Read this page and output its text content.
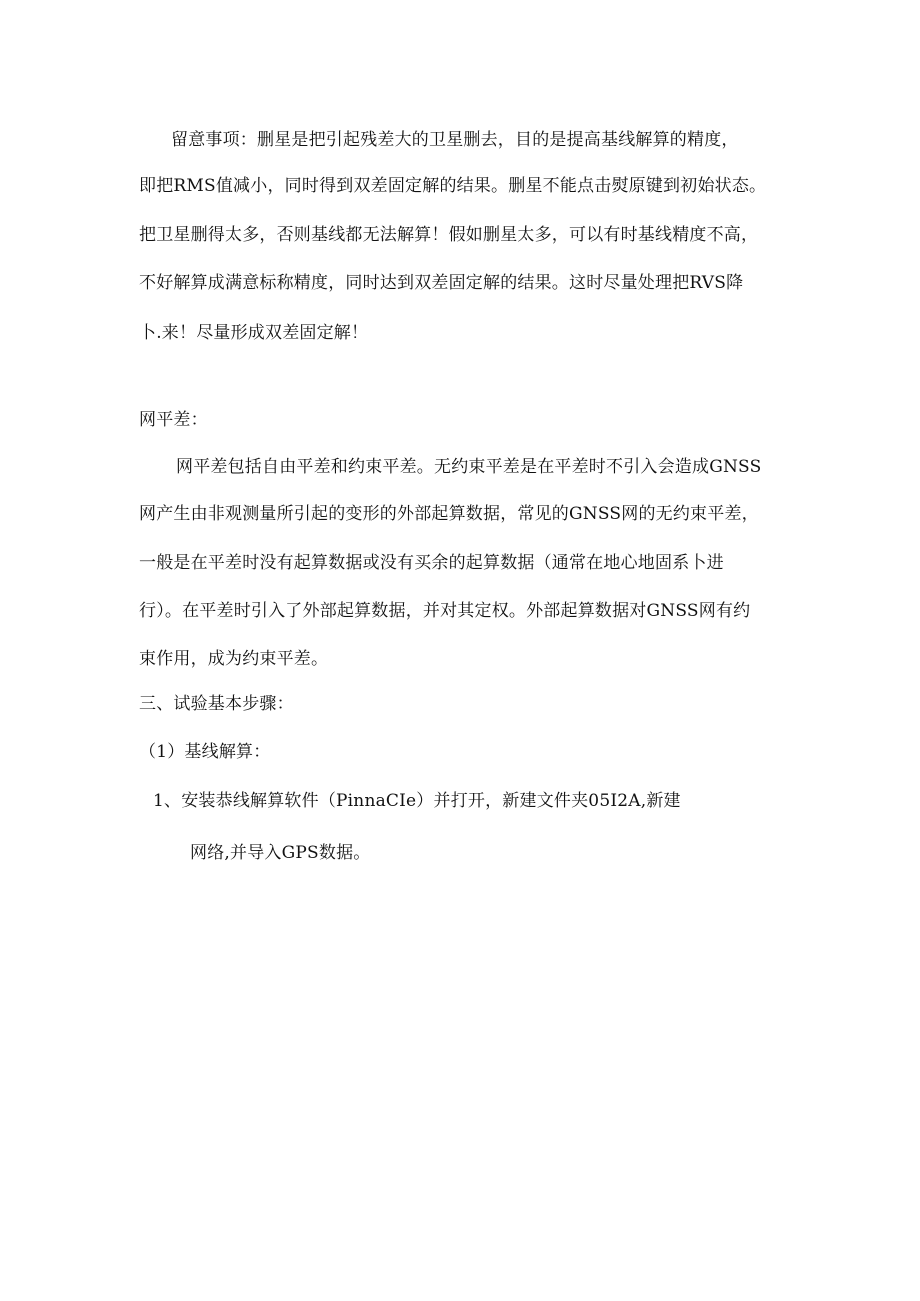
留意事项：删星是把引起残差大的卫星删去，目的是提高基线解算的精度，
即把RMS值减小，同时得到双差固定解的结果。删星不能点击熨原键到初始状态。
把卫星删得太多，否则基线都无法解算！假如删星太多，可以有时基线精度不高，
不好解算成满意标称精度，同时达到双差固定解的结果。这时尽量处理把RVS降
卜.来！尽量形成双差固定解！
网平差：
网平差包括自由平差和约束平差。无约束平差是在平差时不引入会造成GNSS
网产生由非观测量所引起的变形的外部起算数据，常见的GNSS网的无约束平差，
一般是在平差时没有起算数据或没有买余的起算数据（通常在地心地固系卜进
行）。在平差时引入了外部起算数据，并对其定权。外部起算数据对GNSS网有约
束作用，成为约束平差。
三、试验基本步骤：
（1）基线解算：
1、安装恭线解算软件（PinnaCIe）并打开，新建文件夹05I2A,新建
网络,并导入GPS数据。
